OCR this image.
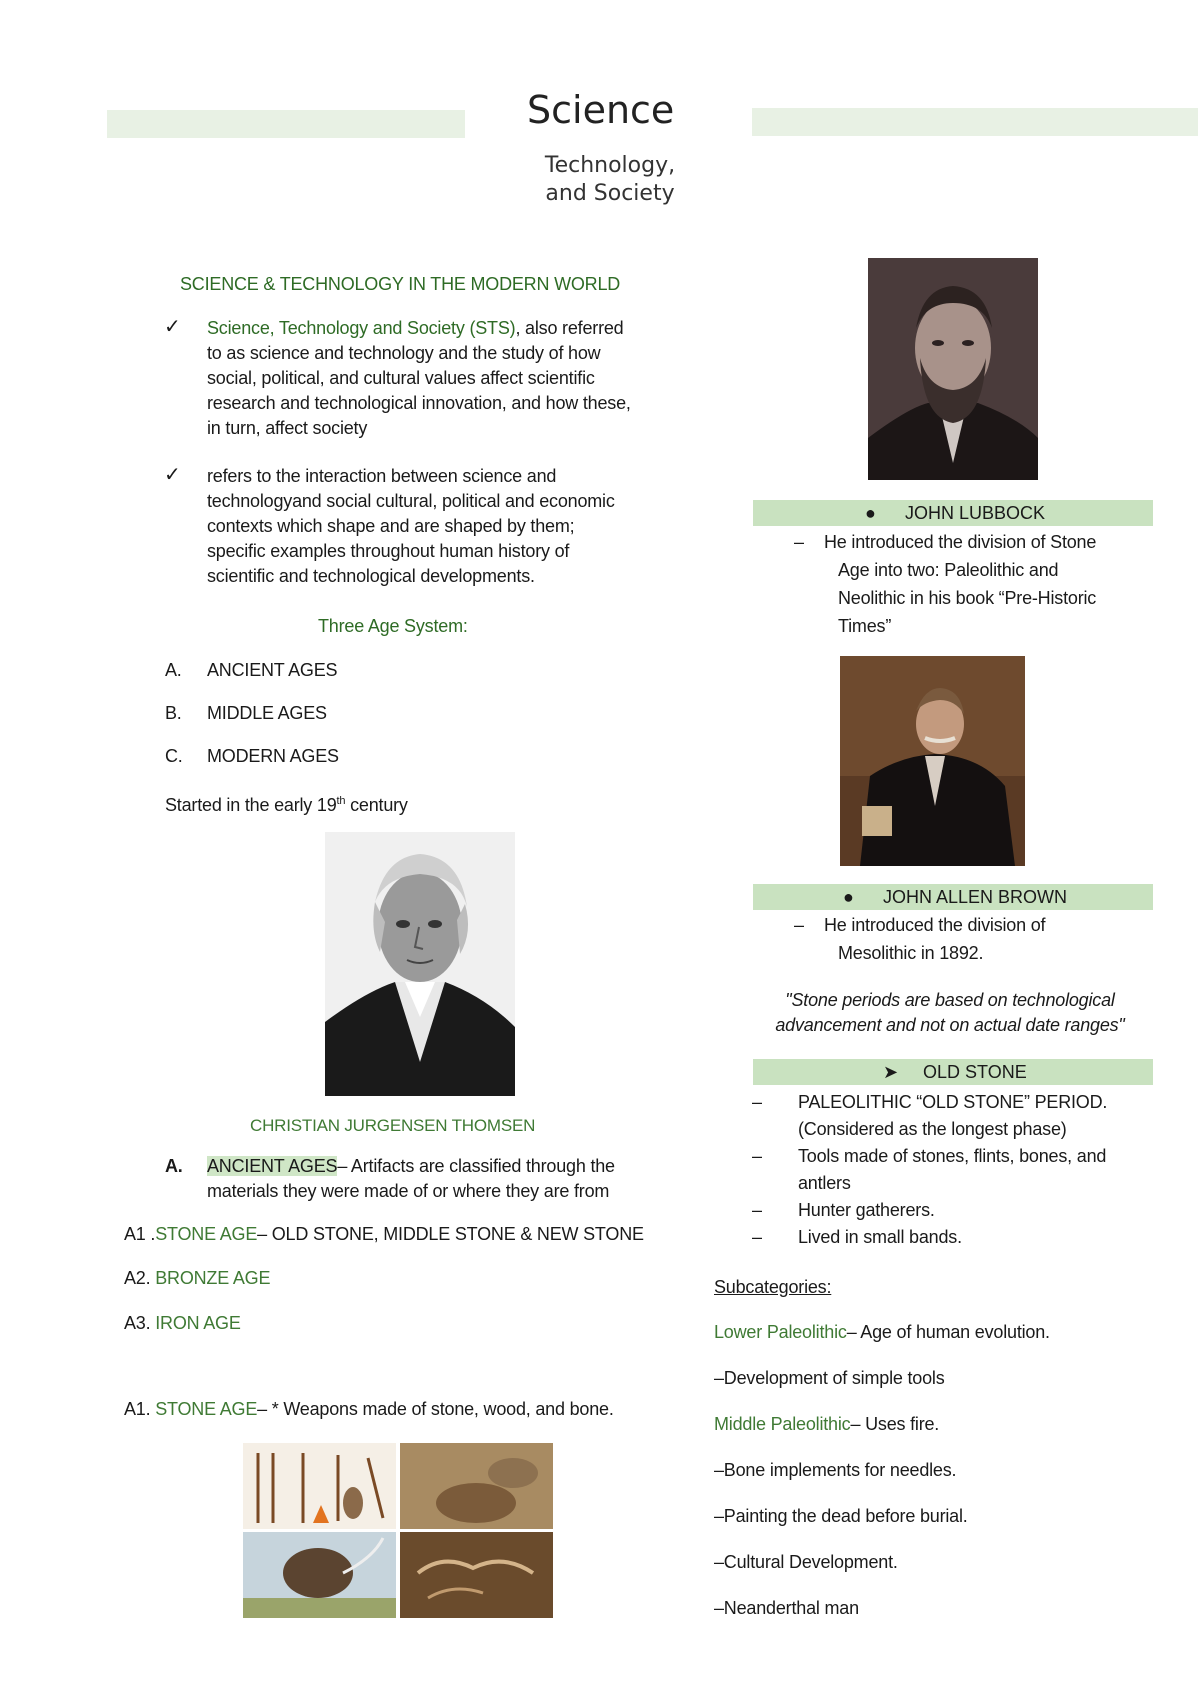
Science
Technology,
and Society
SCIENCE & TECHNOLOGY IN THE MODERN WORLD
✓ Science, Technology and Society (STS), also referred
to as science and technology and the study of how
social, political, and cultural values affect scientific
research and technological innovation, and how these,
in turn, affect society
✓ refers to the interaction between science and
technologyand social cultural, political and economic
contexts which shape and are shaped by them;
specific examples throughout human history of
scientific and technological developments.
Three Age System:
A. ANCIENT AGES
B. MIDDLE AGES
C. MODERN AGES
Started in the early 19th century
CHRISTIAN JURGENSEN THOMSEN
A. ANCIENT AGES– Artifacts are classified through the
materials they were made of or where they are from
A1 .STONE AGE– OLD STONE, MIDDLE STONE & NEW STONE
A2. BRONZE AGE
A3. IRON AGE
A1. STONE AGE– * Weapons made of stone, wood, and bone.
● JOHN LUBBOCK
– He introduced the division of Stone
Age into two: Paleolithic and
Neolithic in his book “Pre-Historic
Times”
● JOHN ALLEN BROWN
– He introduced the division of
Mesolithic in 1892.
"Stone periods are based on technological
advancement and not on actual date ranges"
➤ OLD STONE
– PALEOLITHIC “OLD STONE” PERIOD.
(Considered as the longest phase)
– Tools made of stones, flints, bones, and
antlers
– Hunter gatherers.
– Lived in small bands.
Subcategories:
Lower Paleolithic– Age of human evolution.
–Development of simple tools
Middle Paleolithic– Uses fire.
–Bone implements for needles.
–Painting the dead before burial.
–Cultural Development.
–Neanderthal man
